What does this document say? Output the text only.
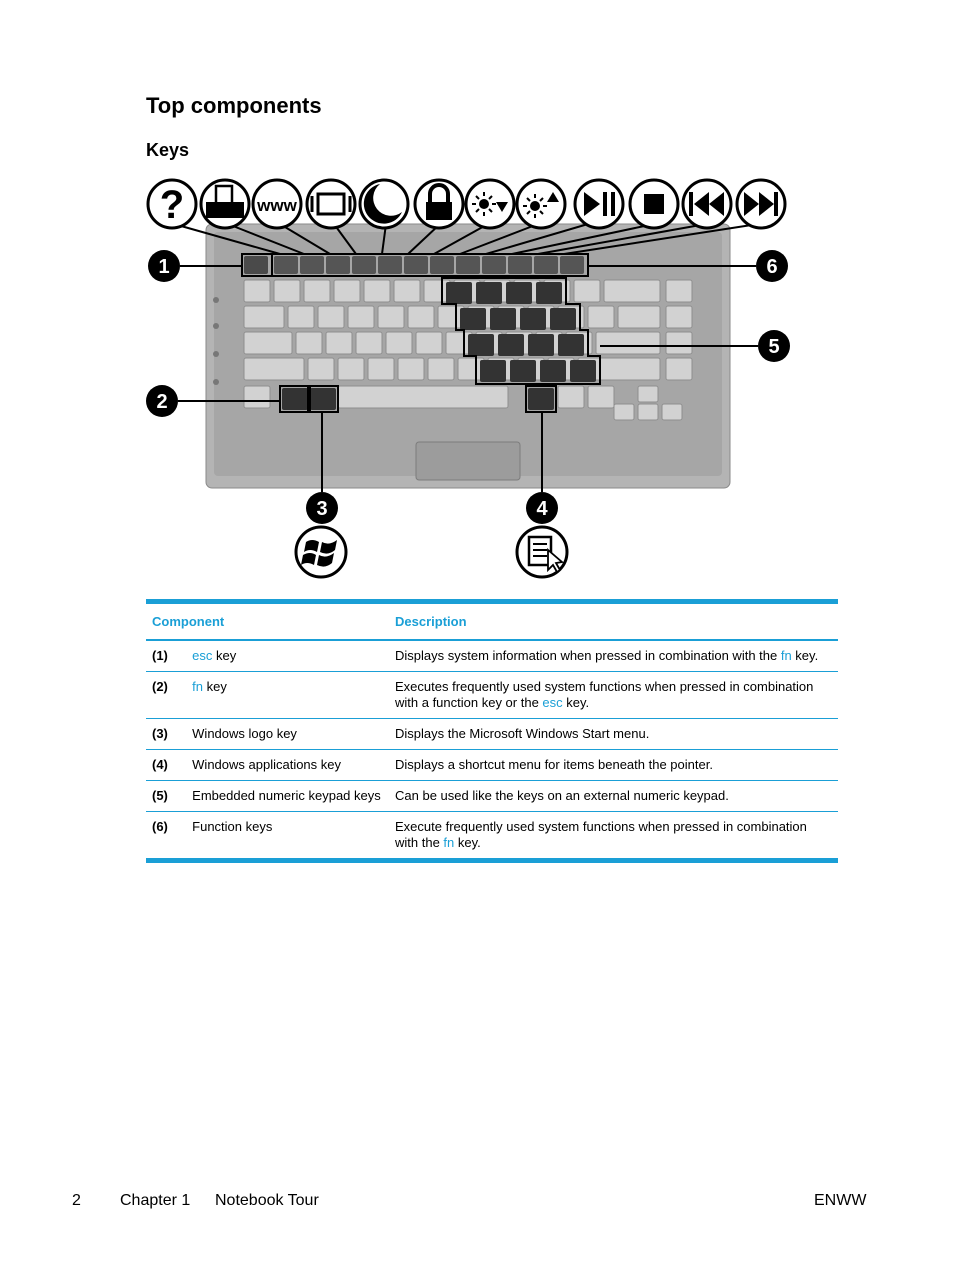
Top components
Keys
?	www
1	6
2
5
3	4
Component		Description
(1)	esc key	Displays system information when pressed in combination with the fn key.
(2)	fn key	Executes frequently used system functions when pressed in combination with a function key or the esc key.
(3)	Windows logo key	Displays the Microsoft Windows Start menu.
(4)	Windows applications key	Displays a shortcut menu for items beneath the pointer.
(5)	Embedded numeric keypad keys	Can be used like the keys on an external numeric keypad.
(6)	Function keys	Execute frequently used system functions when pressed in combination with the fn key.
2 Chapter 1 Notebook Tour	ENWW
